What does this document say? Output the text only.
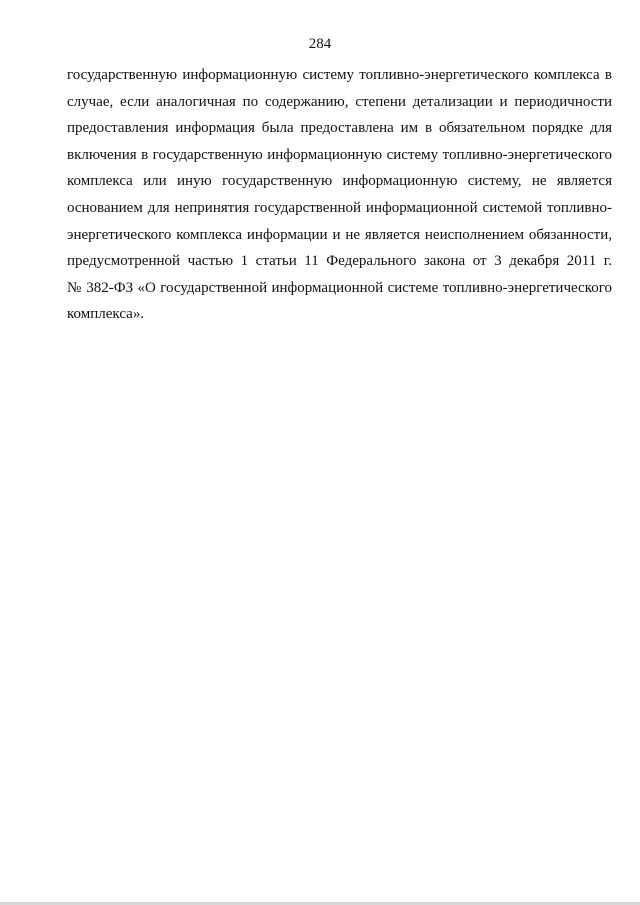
284
государственную информационную систему топливно-энергетического комплекса в
случае, если аналогичная по содержанию, степени детализации и периодичности
предоставления информация была предоставлена им в обязательном порядке для
включения в государственную информационную систему топливно-энергетического
комплекса или иную государственную информационную систему, не является
основанием для непринятия государственной информационной системой топливно-
энергетического комплекса информации и не является неисполнением обязанности,
предусмотренной частью 1 статьи 11 Федерального закона от 3 декабря 2011 г.
№ 382-ФЗ «О государственной информационной системе топливно-энергетического
комплекса».
